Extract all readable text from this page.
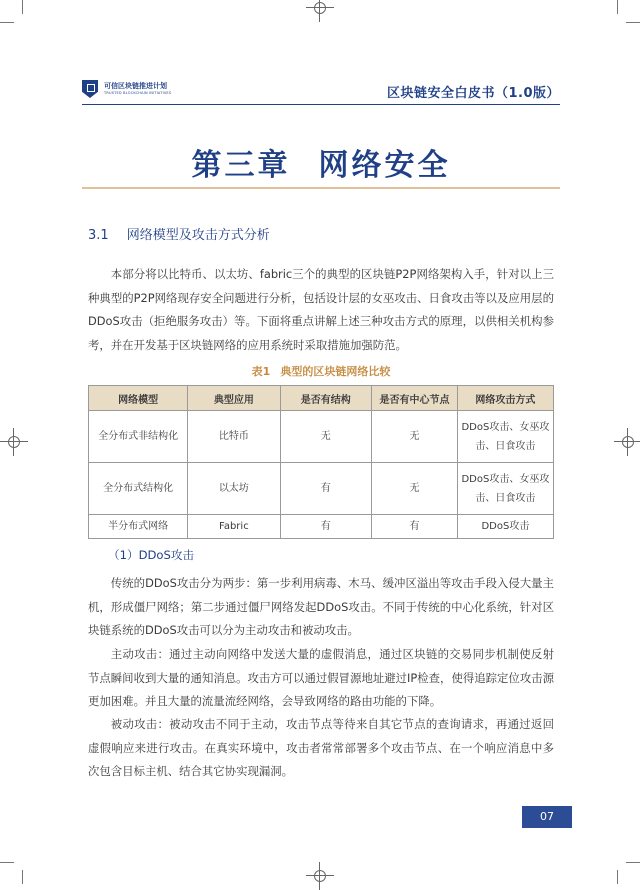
可信区块链推进计划
TRUSTED BLOCKCHAIN INITIATIVES	区块链安全白皮书（1.0版）
第三章 网络安全
3.1 网络模型及攻击方式分析

本部分将以比特币、以太坊、fabric三个的典型的区块链P2P网络架构入手，针对以上三种典型的P2P网络现存安全问题进行分析，包括设计层的女巫攻击、日食攻击等以及应用层的DDoS攻击（拒绝服务攻击）等。下面将重点讲解上述三种攻击方式的原理，以供相关机构参考，并在开发基于区块链网络的应用系统时采取措施加强防范。

表1 典型的区块链网络比较
网络模型	典型应用	是否有结构	是否有中心节点	网络攻击方式
全分布式非结构化	比特币	无	无	DDoS攻击、女巫攻击、日食攻击
全分布式结构化	以太坊	有	无	DDoS攻击、女巫攻击、日食攻击
半分布式网络	Fabric	有	有	DDoS攻击
（1）DDoS攻击

传统的DDoS攻击分为两步：第一步利用病毒、木马、缓冲区溢出等攻击手段入侵大量主机，形成僵尸网络；第二步通过僵尸网络发起DDoS攻击。不同于传统的中心化系统，针对区块链系统的DDoS攻击可以分为主动攻击和被动攻击。

主动攻击：通过主动向网络中发送大量的虚假消息，通过区块链的交易同步机制使反射节点瞬间收到大量的通知消息。攻击方可以通过假冒源地址避过IP检查，使得追踪定位攻击源更加困难。并且大量的流量流经网络，会导致网络的路由功能的下降。

被动攻击：被动攻击不同于主动，攻击节点等待来自其它节点的查询请求，再通过返回虚假响应来进行攻击。在真实环境中，攻击者常常部署多个攻击节点、在一个响应消息中多次包含目标主机、结合其它协实现漏洞。

07
